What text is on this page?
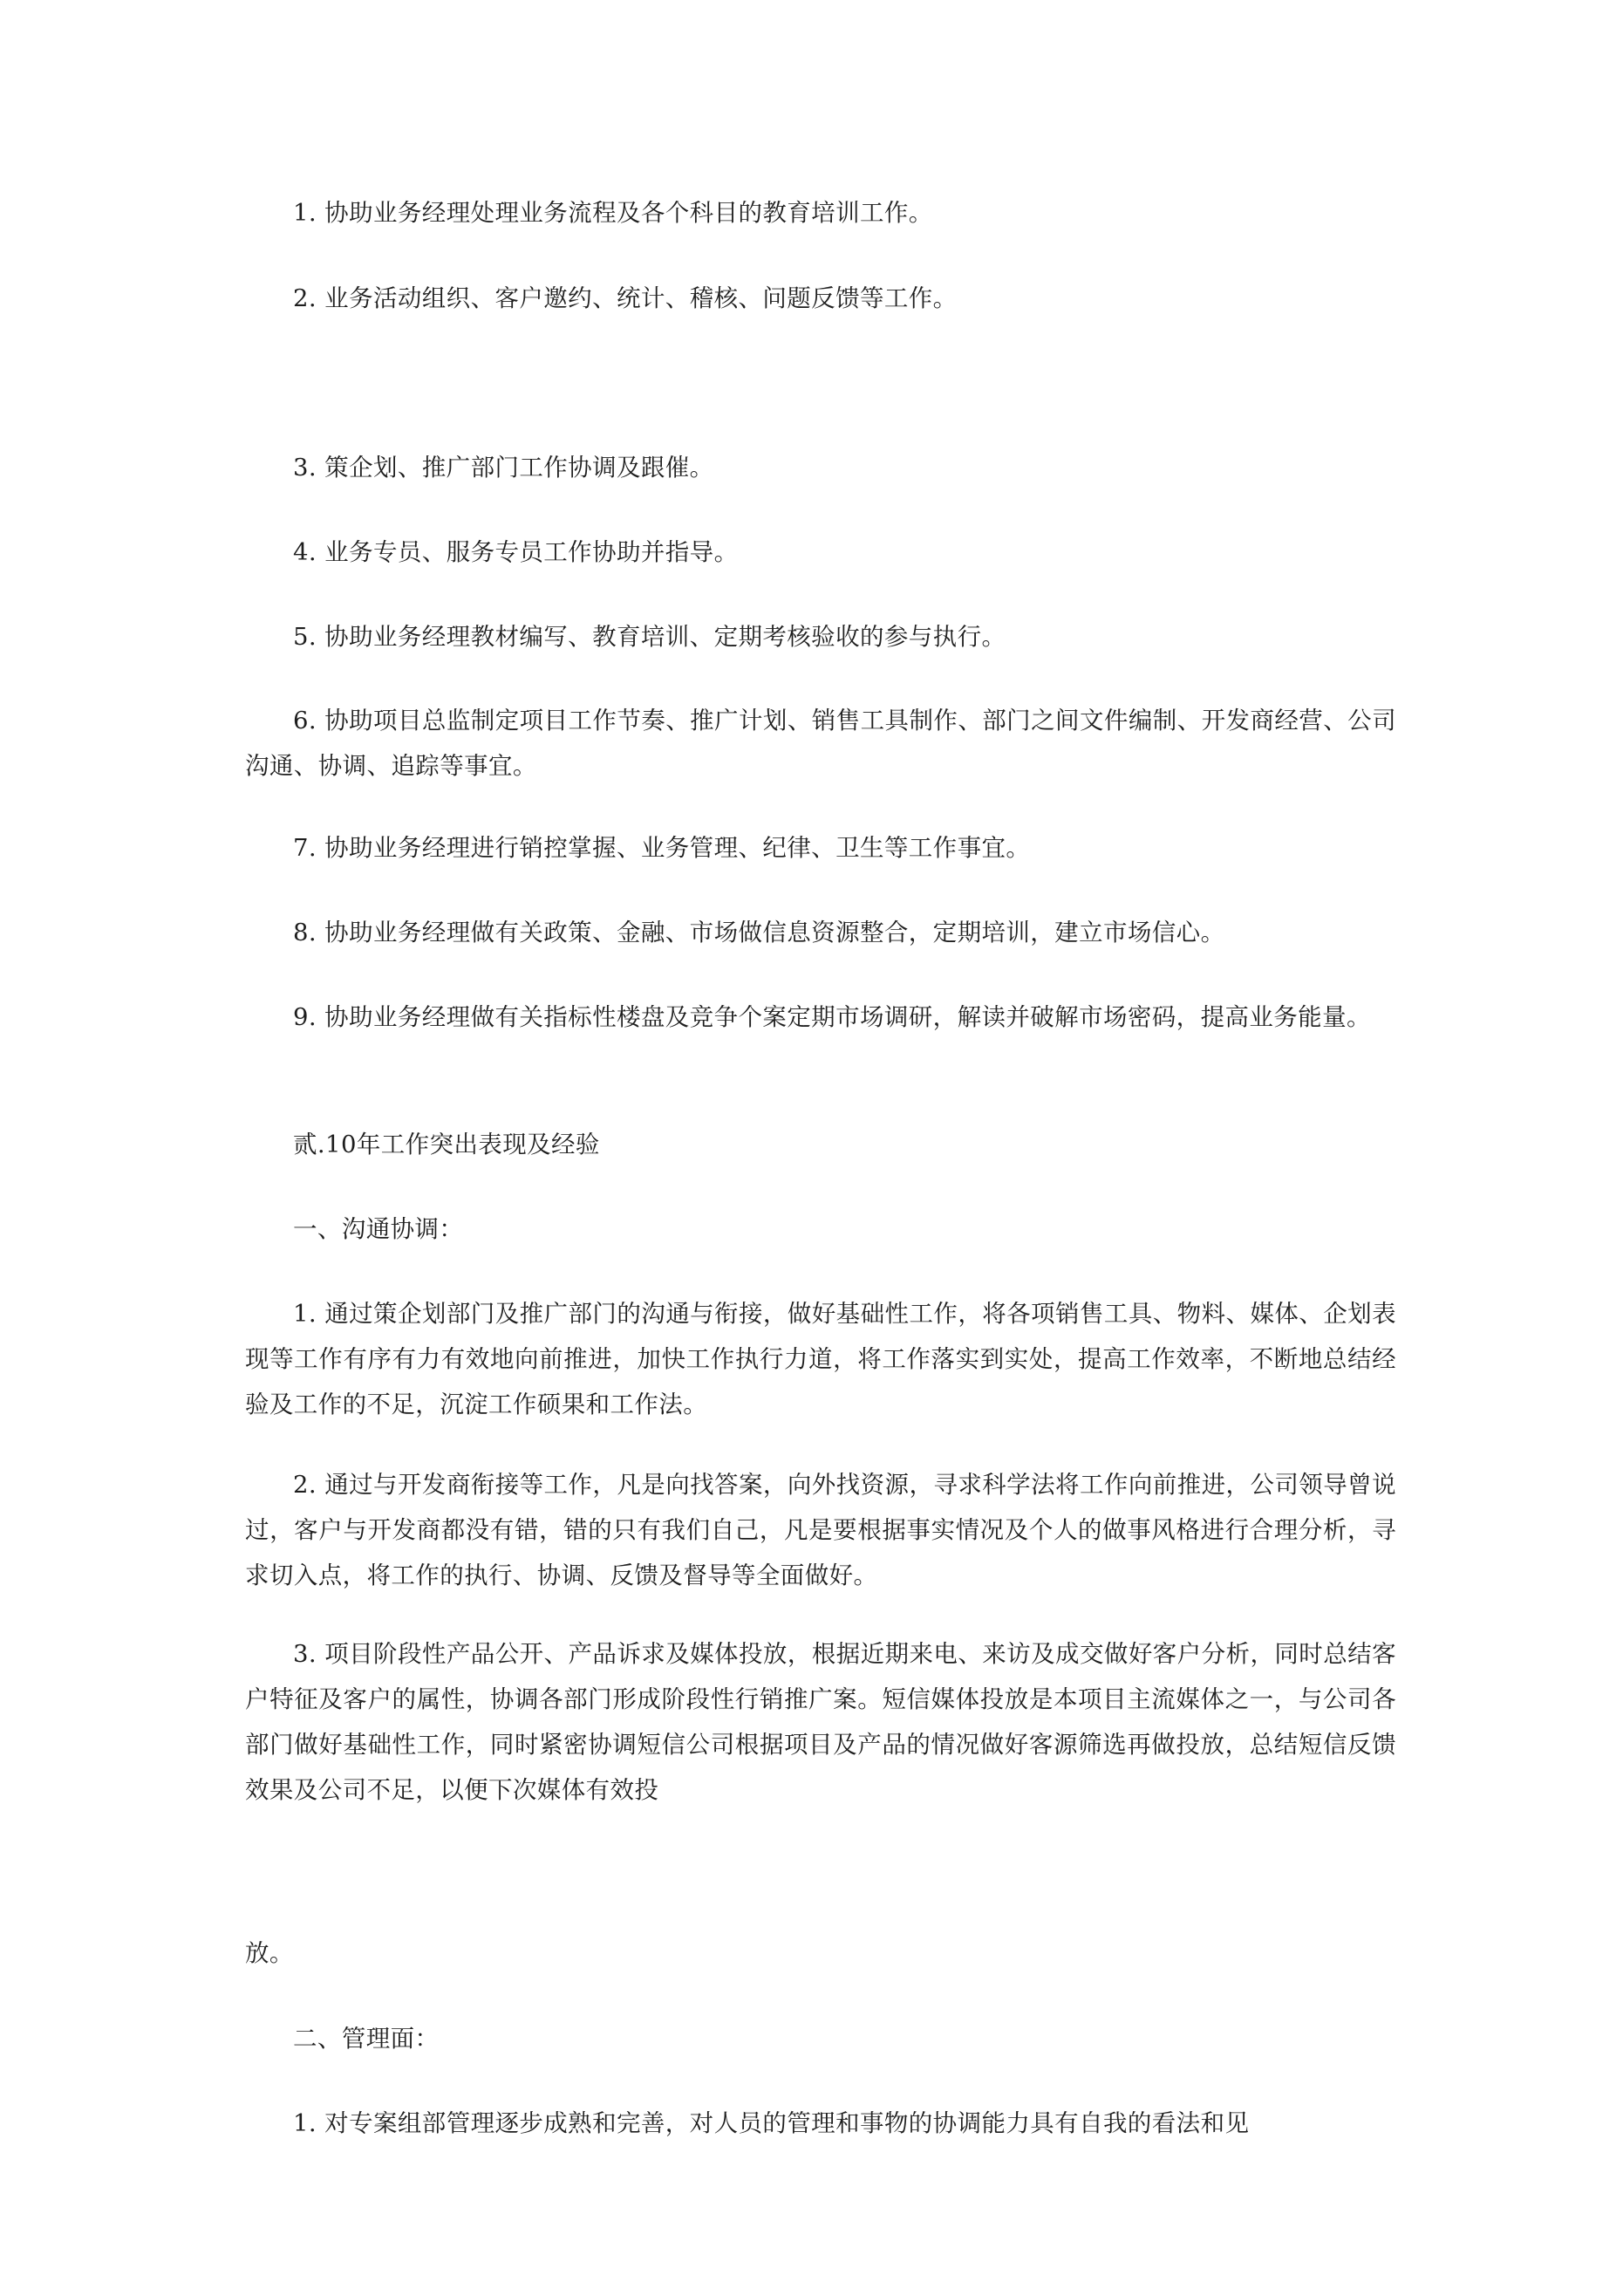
1. 协助业务经理处理业务流程及各个科目的教育培训工作。

2. 业务活动组织、客户邀约、统计、稽核、问题反馈等工作。

3. 策企划、推广部门工作协调及跟催。

4. 业务专员、服务专员工作协助并指导。

5. 协助业务经理教材编写、教育培训、定期考核验收的参与执行。

6. 协助项目总监制定项目工作节奏、推广计划、销售工具制作、部门之间文件编制、开发商经营、公司沟通、协调、追踪等事宜。

7. 协助业务经理进行销控掌握、业务管理、纪律、卫生等工作事宜。

8. 协助业务经理做有关政策、金融、市场做信息资源整合，定期培训，建立市场信心。

9. 协助业务经理做有关指标性楼盘及竞争个案定期市场调研，解读并破解市场密码，提高业务能量。

贰.10年工作突出表现及经验

一、沟通协调：

1. 通过策企划部门及推广部门的沟通与衔接，做好基础性工作，将各项销售工具、物料、媒体、企划表现等工作有序有力有效地向前推进，加快工作执行力道，将工作落实到实处，提高工作效率，不断地总结经验及工作的不足，沉淀工作硕果和工作法。

2. 通过与开发商衔接等工作，凡是向找答案，向外找资源，寻求科学法将工作向前推进，公司领导曾说过，客户与开发商都没有错，错的只有我们自己，凡是要根据事实情况及个人的做事风格进行合理分析，寻求切入点，将工作的执行、协调、反馈及督导等全面做好。

3. 项目阶段性产品公开、产品诉求及媒体投放，根据近期来电、来访及成交做好客户分析，同时总结客户特征及客户的属性，协调各部门形成阶段性行销推广案。短信媒体投放是本项目主流媒体之一，与公司各部门做好基础性工作，同时紧密协调短信公司根据项目及产品的情况做好客源筛选再做投放，总结短信反馈效果及公司不足，以便下次媒体有效投

放。

二、管理面：

1. 对专案组部管理逐步成熟和完善，对人员的管理和事物的协调能力具有自我的看法和见
